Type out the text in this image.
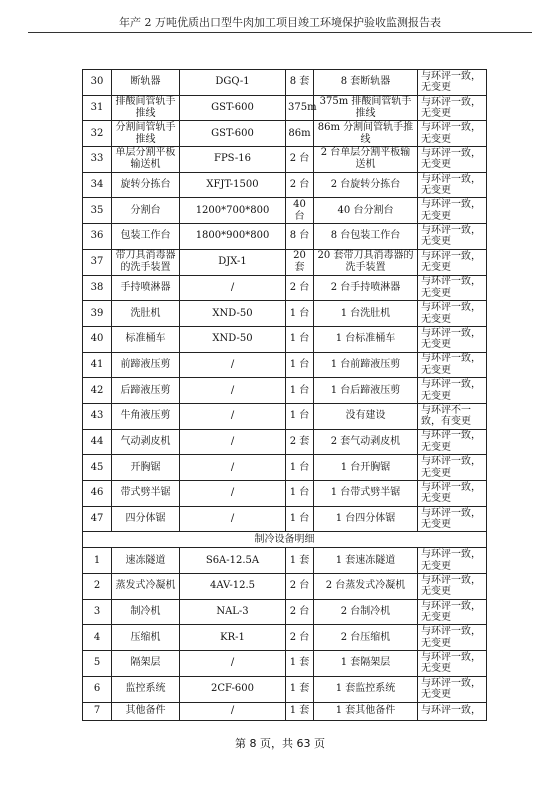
年产 2 万吨优质出口型牛肉加工项目竣工环境保护验收监测报告表
30	断轨器	DGQ-1	8 套	8 套断轨器	与环评一致，无变更
31	排酸间管轨手推线	GST-600	375m	375m 排酸间管轨手推线	与环评一致，无变更
32	分割间管轨手推线	GST-600	86m	86m 分割间管轨手推线	与环评一致，无变更
33	单层分割平板输送机	FPS-16	2 台	2 台单层分割平板输送机	与环评一致，无变更
34	旋转分拣台	XFJT-1500	2 台	2 台旋转分拣台	与环评一致，无变更
35	分割台	1200*700*800	40 台	40 台分割台	与环评一致，无变更
36	包装工作台	1800*900*800	8 台	8 台包装工作台	与环评一致，无变更
37	带刀具消毒器的洗手装置	DJX-1	20 套	20 套带刀具消毒器的洗手装置	与环评一致，无变更
38	手持喷淋器	/	2 台	2 台手持喷淋器	与环评一致，无变更
39	洗肚机	XND-50	1 台	1 台洗肚机	与环评一致，无变更
40	标准桶车	XND-50	1 台	1 台标准桶车	与环评一致，无变更
41	前蹄液压剪	/	1 台	1 台前蹄液压剪	与环评一致，无变更
42	后蹄液压剪	/	1 台	1 台后蹄液压剪	与环评一致，无变更
43	牛角液压剪	/	1 台	没有建设	与环评不一致，有变更
44	气动剥皮机	/	2 套	2 套气动剥皮机	与环评一致，无变更
45	开胸锯	/	1 台	1 台开胸锯	与环评一致，无变更
46	带式劈半锯	/	1 台	1 台带式劈半锯	与环评一致，无变更
47	四分体锯	/	1 台	1 台四分体锯	与环评一致，无变更
制冷设备明细					
1	速冻隧道	S6A-12.5A	1 套	1 套速冻隧道	与环评一致，无变更
2	蒸发式冷凝机	4AV-12.5	2 台	2 台蒸发式冷凝机	与环评一致，无变更
3	制冷机	NAL-3	2 台	2 台制冷机	与环评一致，无变更
4	压缩机	KR-1	2 台	2 台压缩机	与环评一致，无变更
5	隔架层	/	1 套	1 套隔架层	与环评一致，无变更
6	监控系统	2CF-600	1 套	1 套监控系统	与环评一致，无变更
7	其他备件	/	1 套	1 套其他备件	与环评一致，
第 8 页，共 63 页
